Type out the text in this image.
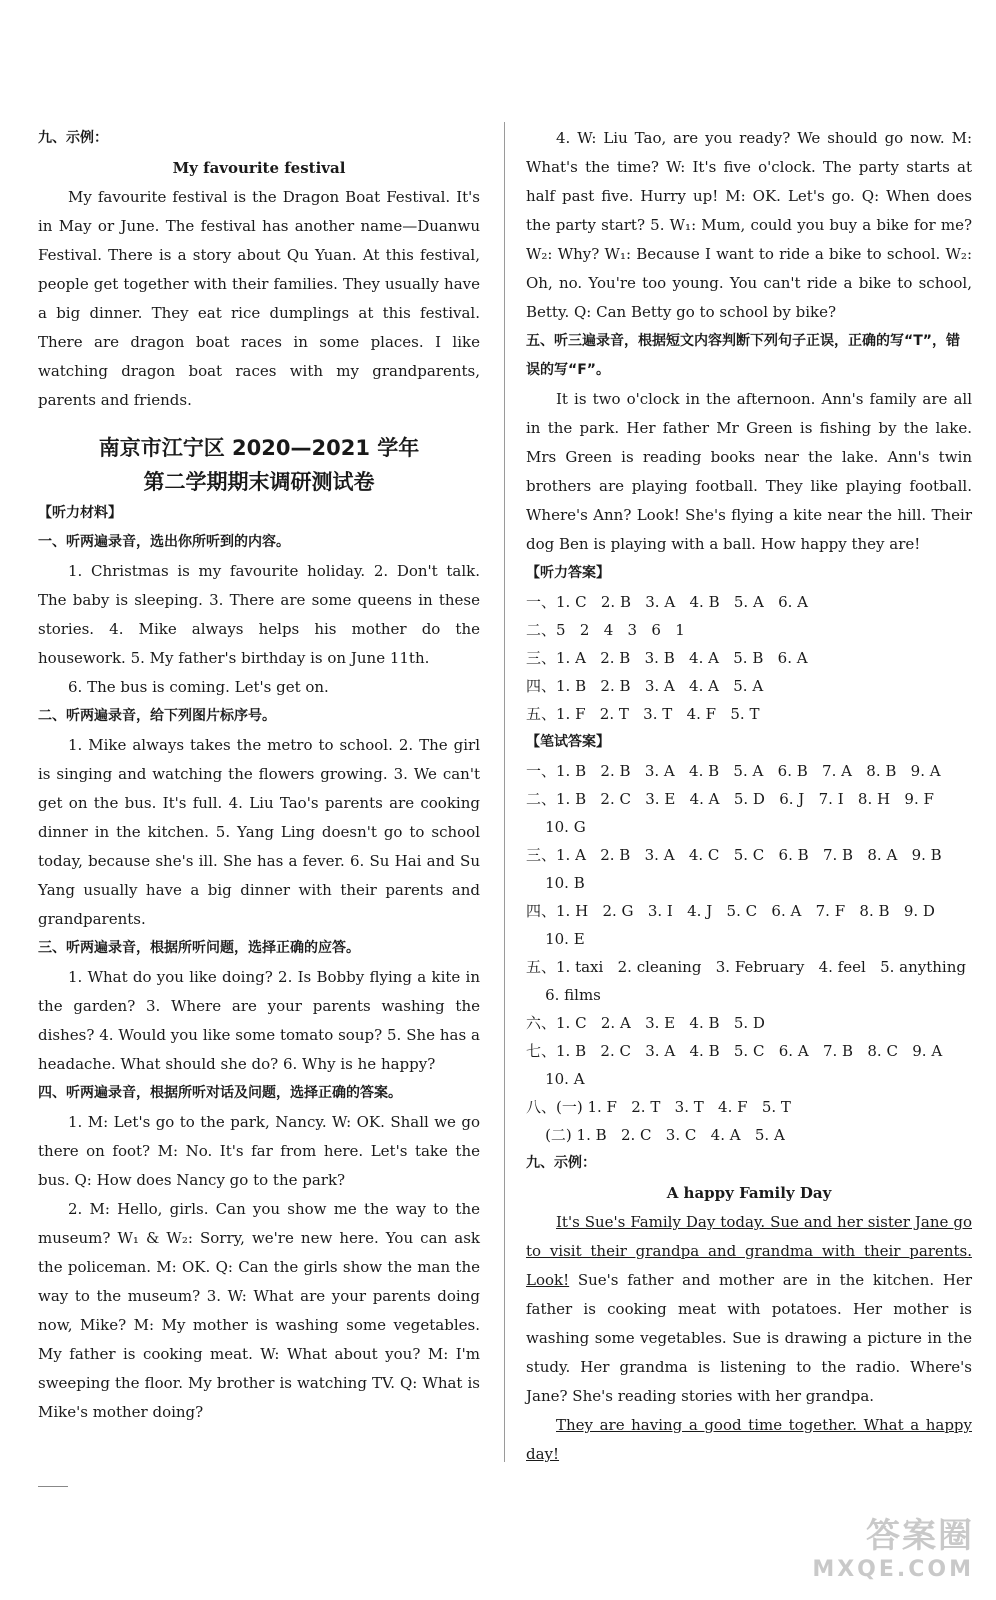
九、示例：

My favourite festival

My favourite festival is the Dragon Boat Festival. It's in May or June. The festival has another name—Duanwu Festival. There is a story about Qu Yuan. At this festival, people get together with their families. They usually have a big dinner. They eat rice dumplings at this festival. There are dragon boat races in some places. I like watching dragon boat races with my grandparents, parents and friends.

南京市江宁区 2020—2021 学年

第二学期期末调研测试卷

【听力材料】

一、听两遍录音，选出你所听到的内容。

1. Christmas is my favourite holiday. 2. Don't talk. The baby is sleeping. 3. There are some queens in these stories. 4. Mike always helps his mother do the housework. 5. My father's birthday is on June 11th.

6. The bus is coming. Let's get on.

二、听两遍录音，给下列图片标序号。

1. Mike always takes the metro to school. 2. The girl is singing and watching the flowers growing. 3. We can't get on the bus. It's full. 4. Liu Tao's parents are cooking dinner in the kitchen. 5. Yang Ling doesn't go to school today, because she's ill. She has a fever. 6. Su Hai and Su Yang usually have a big dinner with their parents and grandparents.

三、听两遍录音，根据所听问题，选择正确的应答。

1. What do you like doing? 2. Is Bobby flying a kite in the garden? 3. Where are your parents washing the dishes? 4. Would you like some tomato soup? 5. She has a headache. What should she do? 6. Why is he happy?

四、听两遍录音，根据所听对话及问题，选择正确的答案。

1. M: Let's go to the park, Nancy. W: OK. Shall we go there on foot? M: No. It's far from here. Let's take the bus. Q: How does Nancy go to the park?

2. M: Hello, girls. Can you show me the way to the museum? W₁ & W₂: Sorry, we're new here. You can ask the policeman. M: OK. Q: Can the girls show the man the way to the museum? 3. W: What are your parents doing now, Mike? M: My mother is washing some vegetables. My father is cooking meat. W: What about you? M: I'm sweeping the floor. My brother is watching TV. Q: What is Mike's mother doing?

4. W: Liu Tao, are you ready? We should go now. M: What's the time? W: It's five o'clock. The party starts at half past five. Hurry up! M: OK. Let's go. Q: When does the party start? 5. W₁: Mum, could you buy a bike for me? W₂: Why? W₁: Because I want to ride a bike to school. W₂: Oh, no. You're too young. You can't ride a bike to school, Betty. Q: Can Betty go to school by bike?

五、听三遍录音，根据短文内容判断下列句子正误，正确的写“T”，错误的写“F”。

It is two o'clock in the afternoon. Ann's family are all in the park. Her father Mr Green is fishing by the lake. Mrs Green is reading books near the lake. Ann's twin brothers are playing football. They like playing football. Where's Ann? Look! She's flying a kite near the hill. Their dog Ben is playing with a ball. How happy they are!

【听力答案】

一、1. C   2. B   3. A   4. B   5. A   6. A

二、5   2   4   3   6   1

三、1. A   2. B   3. B   4. A   5. B   6. A

四、1. B   2. B   3. A   4. A   5. A

五、1. F   2. T   3. T   4. F   5. T

【笔试答案】

一、1. B   2. B   3. A   4. B   5. A   6. B   7. A   8. B   9. A

二、1. B   2. C   3. E   4. A   5. D   6. J   7. I   8. H   9. F

10. G

三、1. A   2. B   3. A   4. C   5. C   6. B   7. B   8. A   9. B

10. B

四、1. H   2. G   3. I   4. J   5. C   6. A   7. F   8. B   9. D

10. E

五、1. taxi   2. cleaning   3. February   4. feel   5. anything

6. films

六、1. C   2. A   3. E   4. B   5. D

七、1. B   2. C   3. A   4. B   5. C   6. A   7. B   8. C   9. A

10. A

八、(一) 1. F   2. T   3. T   4. F   5. T

(二) 1. B   2. C   3. C   4. A   5. A

九、示例：

A happy Family Day

It's Sue's Family Day today. Sue and her sister Jane go to visit their grandpa and grandma with their parents. Look! Sue's father and mother are in the kitchen. Her father is cooking meat with potatoes. Her mother is washing some vegetables. Sue is drawing a picture in the study. Her grandma is listening to the radio. Where's Jane? She's reading stories with her grandpa.

They are having a good time together. What a happy day!

答案圈
MXQE.COM
